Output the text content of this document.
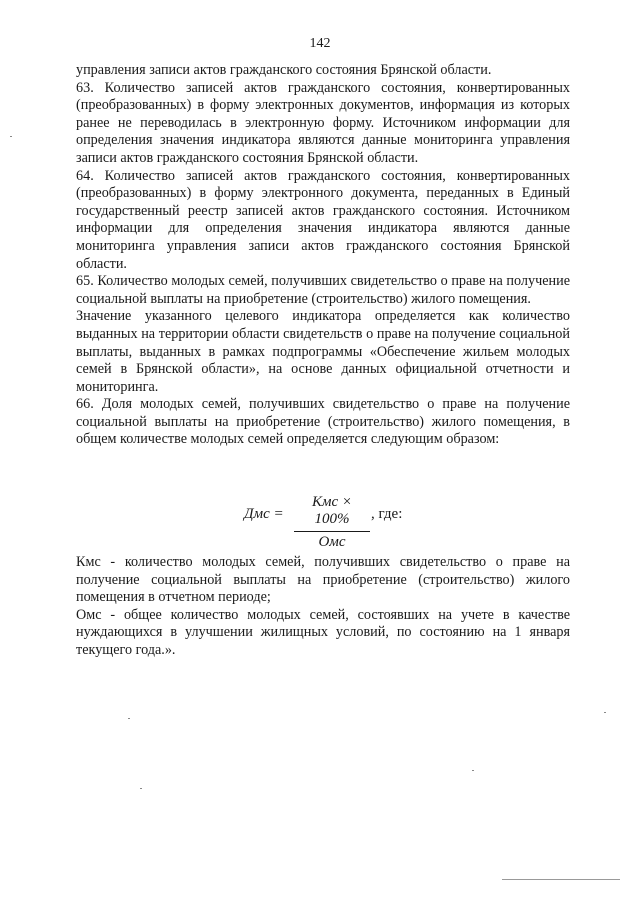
142

управления записи актов гражданского состояния Брянской области.

63. Количество записей актов гражданского состояния, конвертированных (преобразованных) в форму электронных документов, информация из которых ранее не переводилась в электронную форму. Источником информации для определения значения индикатора являются данные мониторинга управления записи актов гражданского состояния Брянской области.

64. Количество записей актов гражданского состояния, конвертированных (преобразованных) в форму электронного документа, переданных в Единый государственный реестр записей актов гражданского состояния. Источником информации для определения значения индикатора являются данные мониторинга управления записи актов гражданского состояния Брянской области.

65. Количество молодых семей, получивших свидетельство о праве на получение социальной выплаты на приобретение (строительство) жилого помещения.

Значение указанного целевого индикатора определяется как количество выданных на территории области свидетельств о праве на получение социальной выплаты, выданных в рамках подпрограммы «Обеспечение жильем молодых семей в Брянской области», на основе данных официальной отчетности и мониторинга.

66. Доля молодых семей, получивших свидетельство о праве на получение социальной выплаты на приобретение (строительство) жилого помещения, в общем количестве молодых семей определяется следующим образом:

Дмс =
Кмс × 100%
Омс
, где:

Кмс - количество молодых семей, получивших свидетельство о праве на получение социальной выплаты на приобретение (строительство) жилого помещения в отчетном периоде;

Омс - общее количество молодых семей, состоявших на учете в качестве нуждающихся в улучшении жилищных условий, по состоянию на 1 января текущего года.».
